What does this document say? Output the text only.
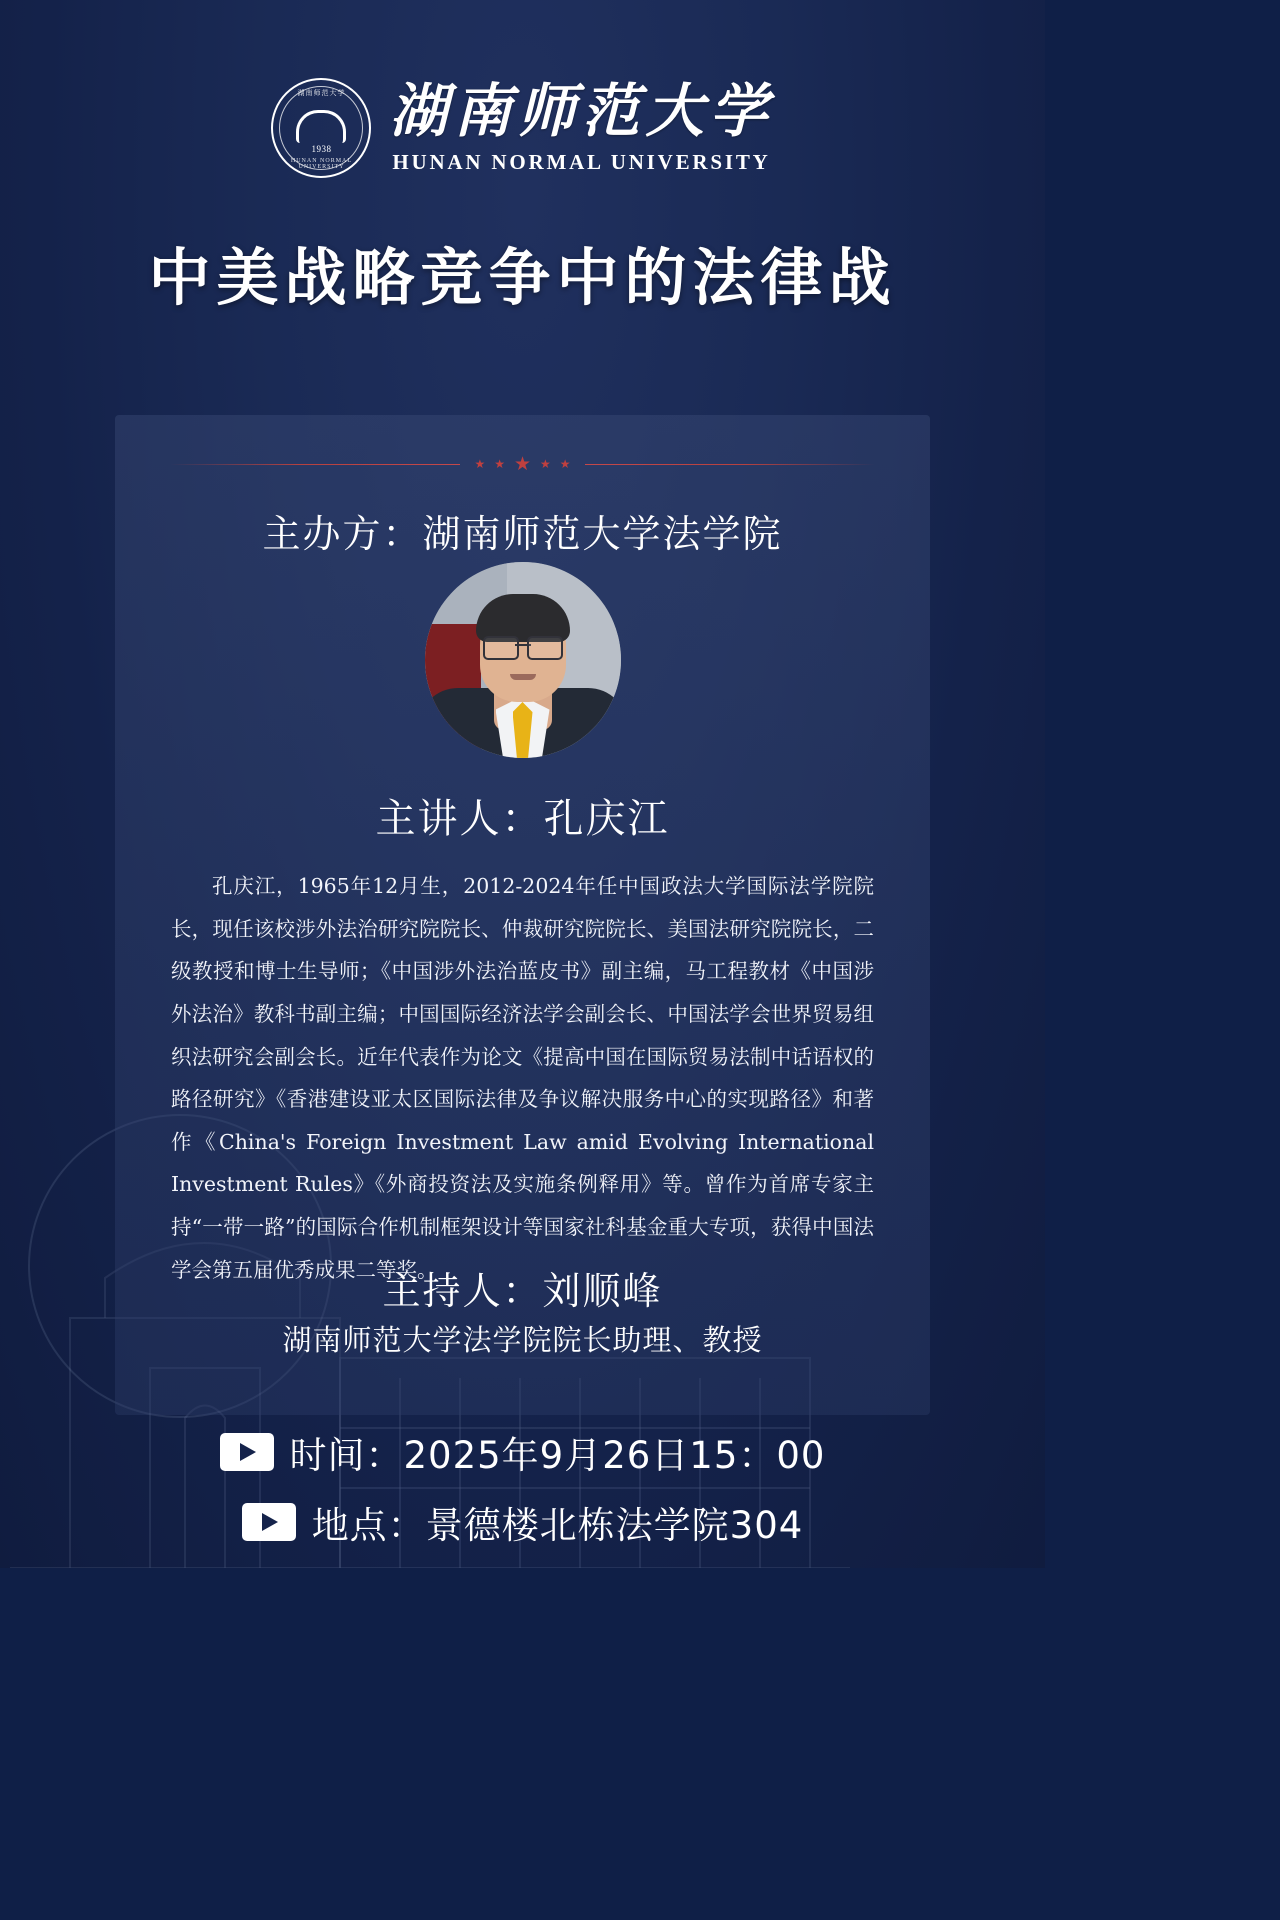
湖南师范大学
1938
HUNAN NORMAL UNIVERSITY
湖南师范大学
HUNAN NORMAL UNIVERSITY
中美战略竞争中的法律战
★ ★ ★ ★ ★
主办方：湖南师范大学法学院
主讲人：孔庆江
孔庆江，1965年12月生，2012-2024年任中国政法大学国际法学院院长，现任该校涉外法治研究院院长、仲裁研究院院长、美国法研究院院长，二级教授和博士生导师；《中国涉外法治蓝皮书》副主编，马工程教材《中国涉外法治》教科书副主编；中国国际经济法学会副会长、中国法学会世界贸易组织法研究会副会长。近年代表作为论文《提高中国在国际贸易法制中话语权的路径研究》《香港建设亚太区国际法律及争议解决服务中心的实现路径》和著作《China's Foreign Investment Law amid Evolving International Investment Rules》《外商投资法及实施条例释用》等。曾作为首席专家主持“一带一路”的国际合作机制框架设计等国家社科基金重大专项，获得中国法学会第五届优秀成果二等奖。
主持人：刘顺峰
湖南师范大学法学院院长助理、教授
时间：2025年9月26日15：00
地点：景德楼北栋法学院304
